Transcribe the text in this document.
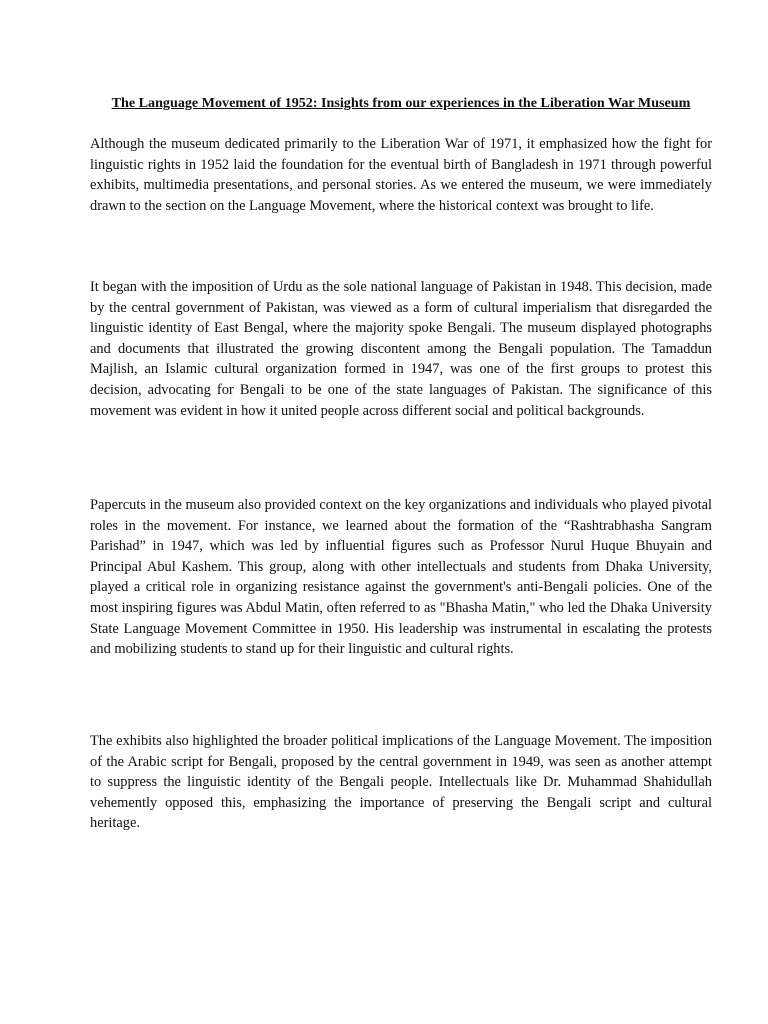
The Language Movement of 1952: Insights from our experiences in the Liberation War Museum

Although the museum dedicated primarily to the Liberation War of 1971, it emphasized how the fight for linguistic rights in 1952 laid the foundation for the eventual birth of Bangladesh in 1971 through powerful exhibits, multimedia presentations, and personal stories. As we entered the museum, we were immediately drawn to the section on the Language Movement, where the historical context was brought to life.

It began with the imposition of Urdu as the sole national language of Pakistan in 1948. This decision, made by the central government of Pakistan, was viewed as a form of cultural imperialism that disregarded the linguistic identity of East Bengal, where the majority spoke Bengali. The museum displayed photographs and documents that illustrated the growing discontent among the Bengali population. The Tamaddun Majlish, an Islamic cultural organization formed in 1947, was one of the first groups to protest this decision, advocating for Bengali to be one of the state languages of Pakistan. The significance of this movement was evident in how it united people across different social and political backgrounds.

Papercuts in the museum also provided context on the key organizations and individuals who played pivotal roles in the movement. For instance, we learned about the formation of the “Rashtrabhasha Sangram Parishad” in 1947, which was led by influential figures such as Professor Nurul Huque Bhuyain and Principal Abul Kashem. This group, along with other intellectuals and students from Dhaka University, played a critical role in organizing resistance against the government's anti-Bengali policies. One of the most inspiring figures was Abdul Matin, often referred to as "Bhasha Matin," who led the Dhaka University State Language Movement Committee in 1950. His leadership was instrumental in escalating the protests and mobilizing students to stand up for their linguistic and cultural rights.

The exhibits also highlighted the broader political implications of the Language Movement. The imposition of the Arabic script for Bengali, proposed by the central government in 1949, was seen as another attempt to suppress the linguistic identity of the Bengali people. Intellectuals like Dr. Muhammad Shahidullah vehemently opposed this, emphasizing the importance of preserving the Bengali script and cultural heritage.
